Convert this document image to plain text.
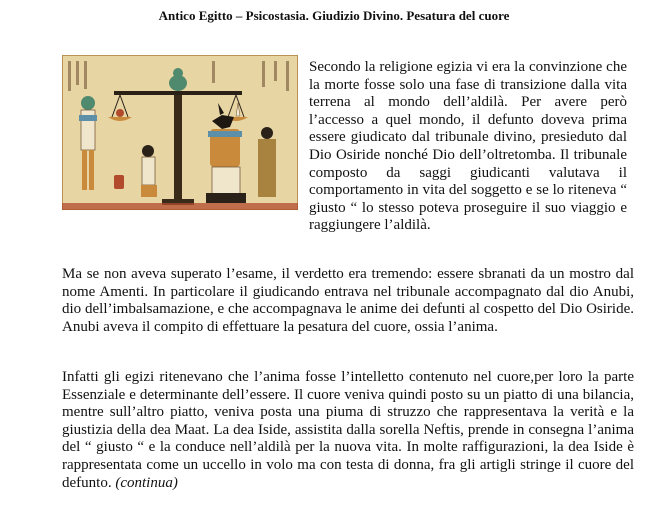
Antico Egitto – Psicostasia. Giudizio Divino. Pesatura del cuore

Secondo la religione egizia vi era la convinzione che la morte fosse solo una fase di transizione dalla vita terrena al mondo dell’aldilà. Per avere però l’accesso a quel mondo, il defunto doveva prima essere giudicato dal tribunale divino, presieduto dal Dio Osiride nonché Dio dell’oltretomba. Il tribunale composto da saggi giudicanti valutava il comportamento in vita del soggetto e se lo riteneva “ giusto “ lo stesso poteva proseguire il suo viaggio e raggiungere l’aldilà.

Ma se non aveva superato l’esame, il verdetto era tremendo: essere sbranati da un mostro dal nome Amenti. In particolare il giudicando entrava nel tribunale accompagnato dal dio Anubi, dio dell’imbalsamazione, e che accompagnava le anime dei defunti al cospetto del Dio Osiride. Anubi aveva il compito di effettuare la pesatura del cuore, ossia l’anima.

Infatti gli egizi ritenevano che l’anima fosse l’intelletto contenuto nel cuore,per loro la parte Essenziale e determinante dell’essere. Il cuore veniva quindi posto su un piatto di una bilancia, mentre sull’altro piatto, veniva posta una piuma di struzzo che rappresentava la verità e la giustizia della dea Maat. La dea Iside, assistita dalla sorella Neftis, prende in consegna l’anima del “ giusto “ e la conduce nell’aldilà per la nuova vita. In molte raffigurazioni, la dea Iside è rappresentata come un uccello in volo ma con testa di donna, fra gli artigli stringe il cuore del defunto. (continua)
